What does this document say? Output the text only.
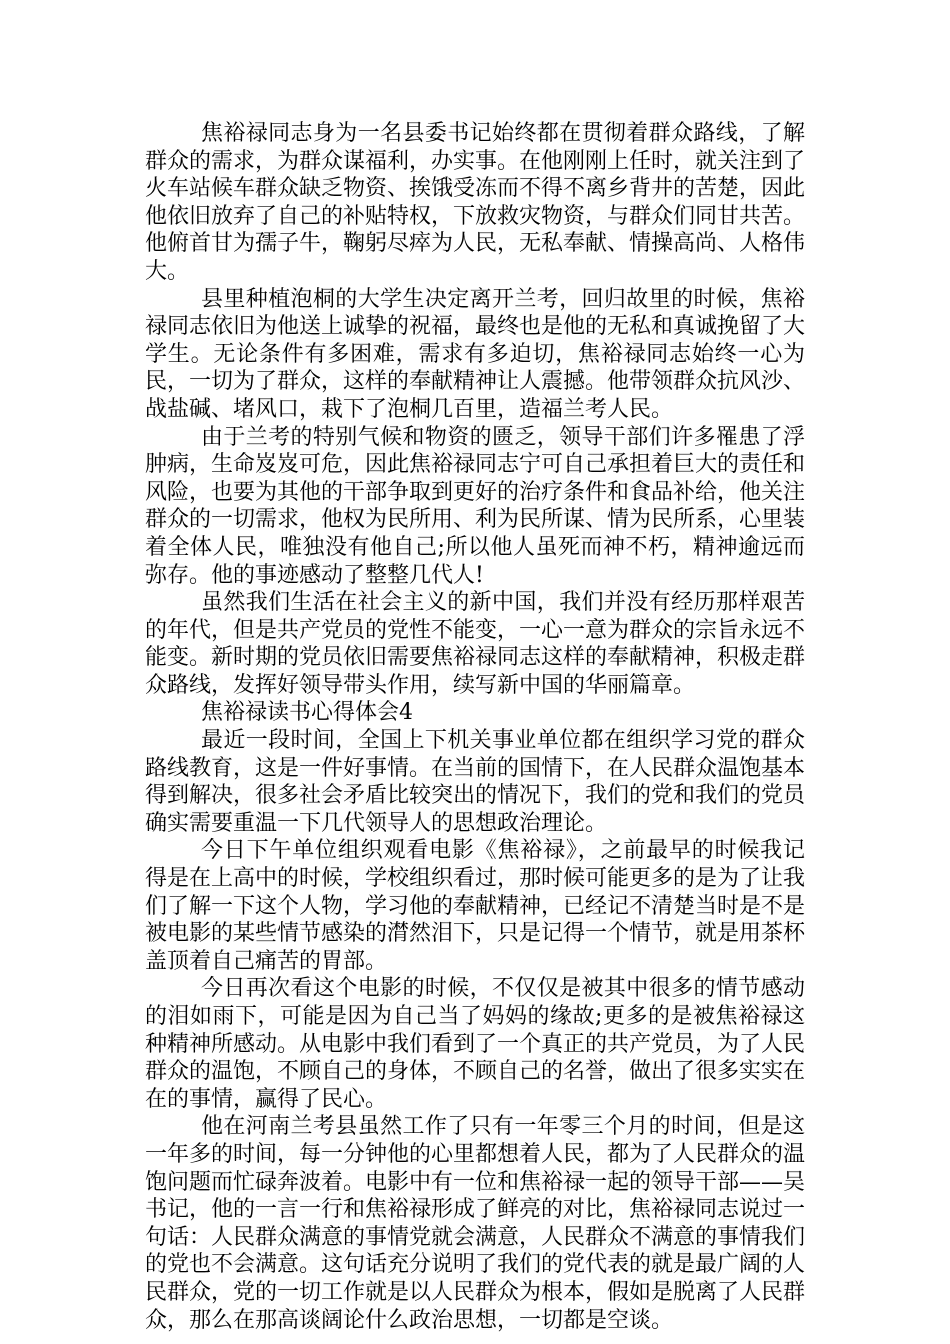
焦裕禄同志身为一名县委书记始终都在贯彻着群众路线，了解群众的需求，为群众谋福利，办实事。在他刚刚上任时，就关注到了火车站候车群众缺乏物资、挨饿受冻而不得不离乡背井的苦楚，因此他依旧放弃了自己的补贴特权，下放救灾物资，与群众们同甘共苦。他俯首甘为孺子牛，鞠躬尽瘁为人民，无私奉献、情操高尚、人格伟大。

县里种植泡桐的大学生决定离开兰考，回归故里的时候，焦裕禄同志依旧为他送上诚挚的祝福，最终也是他的无私和真诚挽留了大学生。无论条件有多困难，需求有多迫切，焦裕禄同志始终一心为民，一切为了群众，这样的奉献精神让人震撼。他带领群众抗风沙、战盐碱、堵风口，栽下了泡桐几百里，造福兰考人民。

由于兰考的特别气候和物资的匮乏，领导干部们许多罹患了浮肿病，生命岌岌可危，因此焦裕禄同志宁可自己承担着巨大的责任和风险，也要为其他的干部争取到更好的治疗条件和食品补给，他关注群众的一切需求，他权为民所用、利为民所谋、情为民所系，心里装着全体人民，唯独没有他自己;所以他人虽死而神不朽，精神逾远而弥存。他的事迹感动了整整几代人!

虽然我们生活在社会主义的新中国，我们并没有经历那样艰苦的年代，但是共产党员的党性不能变，一心一意为群众的宗旨永远不能变。新时期的党员依旧需要焦裕禄同志这样的奉献精神，积极走群众路线，发挥好领导带头作用，续写新中国的华丽篇章。

焦裕禄读书心得体会4

最近一段时间，全国上下机关事业单位都在组织学习党的群众路线教育，这是一件好事情。在当前的国情下，在人民群众温饱基本得到解决，很多社会矛盾比较突出的情况下，我们的党和我们的党员确实需要重温一下几代领导人的思想政治理论。

今日下午单位组织观看电影《焦裕禄》，之前最早的时候我记得是在上高中的时候，学校组织看过，那时候可能更多的是为了让我们了解一下这个人物，学习他的奉献精神，已经记不清楚当时是不是被电影的某些情节感染的潸然泪下，只是记得一个情节，就是用茶杯盖顶着自己痛苦的胃部。

今日再次看这个电影的时候，不仅仅是被其中很多的情节感动的泪如雨下，可能是因为自己当了妈妈的缘故;更多的是被焦裕禄这种精神所感动。从电影中我们看到了一个真正的共产党员，为了人民群众的温饱，不顾自己的身体，不顾自己的名誉，做出了很多实实在在的事情，赢得了民心。

他在河南兰考县虽然工作了只有一年零三个月的时间，但是这一年多的时间，每一分钟他的心里都想着人民，都为了人民群众的温饱问题而忙碌奔波着。电影中有一位和焦裕禄一起的领导干部——吴书记，他的一言一行和焦裕禄形成了鲜亮的对比，焦裕禄同志说过一句话：人民群众满意的事情党就会满意，人民群众不满意的事情我们的党也不会满意。这句话充分说明了我们的党代表的就是最广阔的人民群众，党的一切工作就是以人民群众为根本，假如是脱离了人民群众，那么在那高谈阔论什么政治思想，一切都是空谈。
